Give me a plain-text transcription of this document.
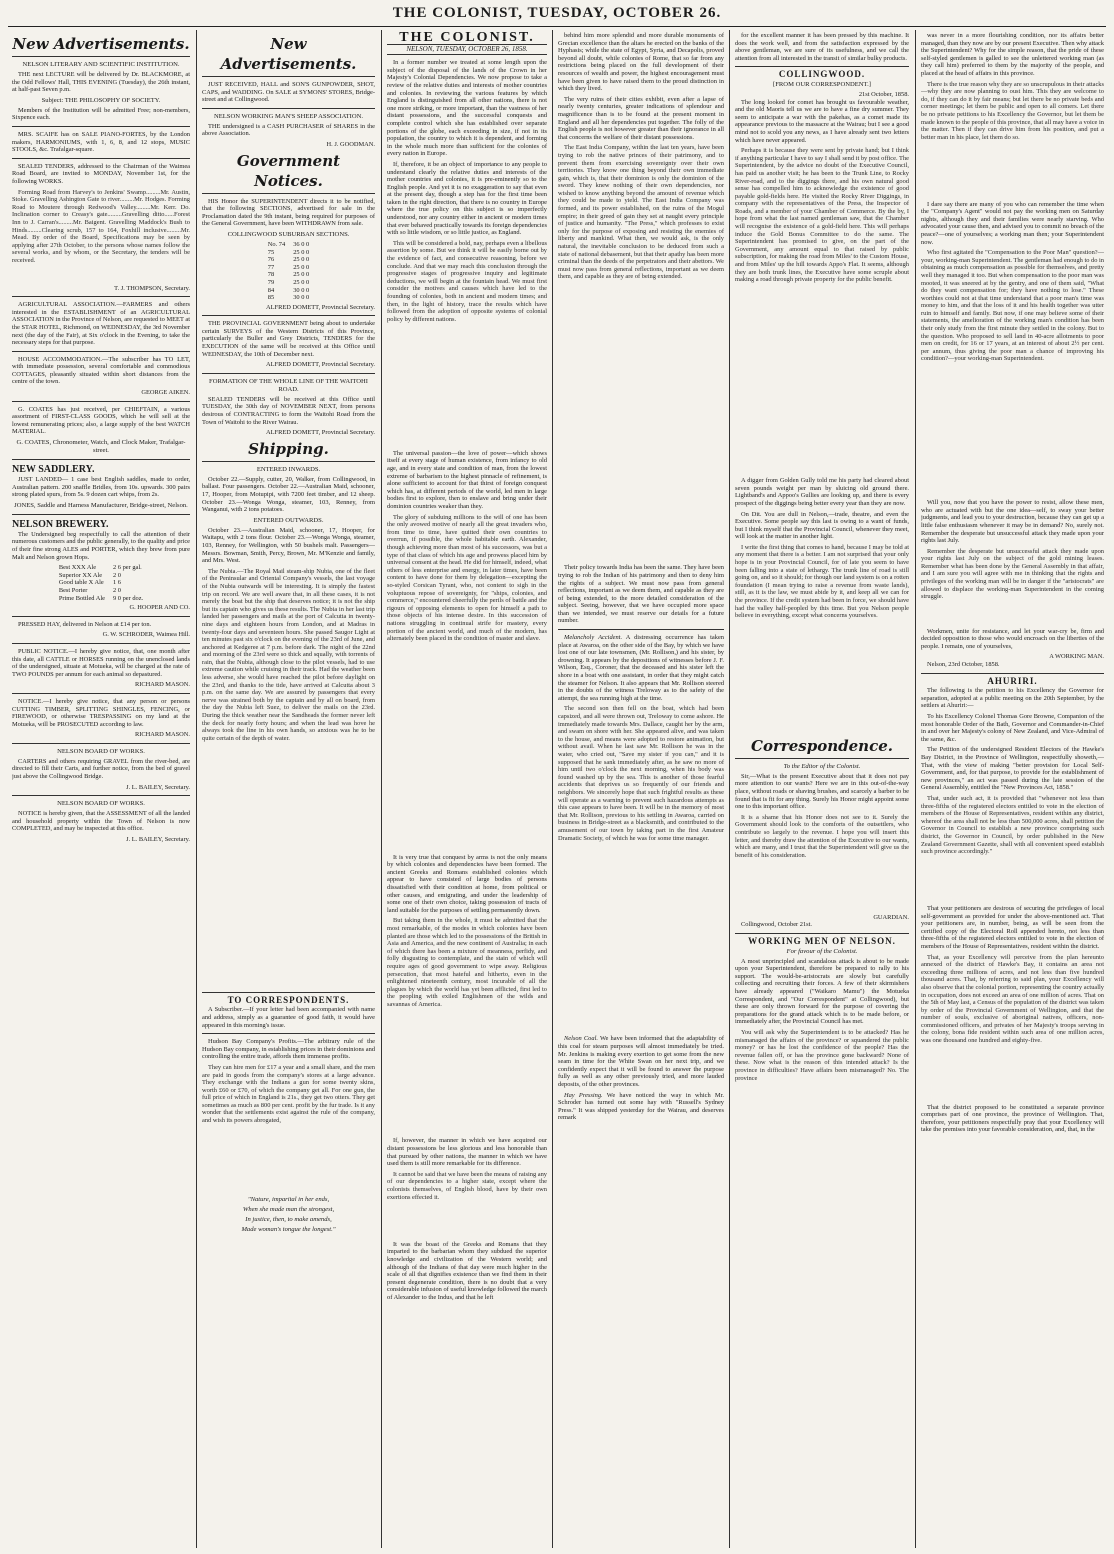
THE COLONIST, TUESDAY, OCTOBER 26.
New Advertisements.
NELSON LITERARY AND SCIENTIFIC INSTITUTION.

THE next LECTURE will be delivered by Dr. BLACKMORE, at the Odd Fellows' Hall, THIS EVENING (Tuesday), the 26th instant, at half-past Seven p.m.

Subject: THE PHILOSOPHY OF SOCIETY.

Members of the Institution will be admitted Free; non-members, Sixpence each.

MRS. SCAIFE has on SALE PIANO-FORTES, by the London makers, HARMONIUMS, with 1, 6, 8, and 12 stops, MUSIC STOOLS, &c. Trafalgar-square.

SEALED TENDERS, addressed to the Chairman of the Waimea Road Board, are invited to MONDAY, November 1st, for the following WORKS.

Forming Road from Harvey's to Jenkins' Swamp.........Mr. Austin, Stoke. Gravelling Ashington Gate to river.........Mr. Hodges. Forming Road to Moutere through Redwood's Valley.........Mr. Kerr. Do. Inclination corner to Creasy's gate.........Gravelling ditto......Forest Inn to J. Carran's.........Mr. Baigent. Gravelling Maddock's Bush to Hinds.........Clearing scrub, 157 to 164, Foxhill inclusive.........Mr. Mead. By order of the Board, Specifications may be seen by applying after 27th October, to the persons whose names follow the several works, and by whom, or the Secretary, the tenders will be received.

T. J. THOMPSON, Secretary.

AGRICULTURAL ASSOCIATION.—FARMERS and others interested in the ESTABLISHMENT of an AGRICULTURAL ASSOCIATION in the Province of Nelson, are requested to MEET at the STAR HOTEL, Richmond, on WEDNESDAY, the 3rd November next (the day of the Fair), at Six o'clock in the Evening, to take the necessary steps for that purpose.

HOUSE ACCOMMODATION.—The subscriber has TO LET, with immediate possession, several comfortable and commodious COTTAGES, pleasantly situated within short distances from the centre of the town.

GEORGE AIKEN.

G. COATES has just received, per CHIEFTAIN, a various assortment of FIRST-CLASS GOODS, which he will sell at the lowest remunerating prices; also, a large supply of the best WATCH MATERIAL.

G. COATES, Chronometer, Watch, and Clock Maker, Trafalgar-street.
NEW SADDLERY.

JUST LANDED— 1 case best English saddles, made to order, Australian pattern. 200 snaffle Bridles, from 10s. upwards. 300 pairs strong plated spurs, from 5s. 9 dozen cart whips, from 2s.

JONES, Saddle and Harness Manufacturer, Bridge-street, Nelson.
NELSON BREWERY.

The Undersigned beg respectfully to call the attention of their numerous customers and the public generally, to the quality and price of their fine strong ALES and PORTER, which they brew from pure Malt and Nelson grown Hops.

Best XXX Ale	2 6 per gal.
Superior XX Ale	2 0
Good table X Ale	1 6
Best Porter	2 0
Prime Bottled Ale	9 0 per doz.
G. HOOPER AND CO.

PRESSED HAY, delivered in Nelson at £14 per ton.

G. W. SCHRODER, Waimea Hill.

PUBLIC NOTICE.—I hereby give notice, that, one month after this date, all CATTLE or HORSES running on the unenclosed lands of the undersigned, situate at Motueka, will be charged at the rate of TWO POUNDS per annum for each animal so depastured.

RICHARD MASON.

NOTICE.—I hereby give notice, that any person or persons CUTTING TIMBER, SPLITTING SHINGLES, FENCING, or FIREWOOD, or otherwise TRESPASSING on my land at the Motueka, will be PROSECUTED according to law.

RICHARD MASON.
NELSON BOARD OF WORKS.

CARTERS and others requiring GRAVEL from the river-bed, are directed to fill their Carts, and further notice, from the bed of gravel just above the Collingwood Bridge.

J. L. BAILEY, Secretary.
NELSON BOARD OF WORKS.

NOTICE is hereby given, that the ASSESSMENT of all the landed and household property within the Town of Nelson is now COMPLETED, and may be inspected at this office.

J. L. BAILEY, Secretary.
New Advertisements.

JUST RECEIVED, HALL and SON'S GUNPOWDER, SHOT, CAPS, and WADDING. On SALE at SYMONS' STORES, Bridge-street and at Collingwood.

NELSON WORKING MAN'S SHEEP ASSOCIATION.

THE undersigned is a CASH PURCHASER of SHARES in the above Association.

H. J. GOODMAN.
Government Notices.

HIS Honor the SUPERINTENDENT directs it to be notified, that the following SECTIONS, advertised for sale in the Proclamation dated the 9th instant, being required for purposes of the General Government, have been WITHDRAWN from sale.

COLLINGWOOD SUBURBAN SECTIONS.
No. 74	36 0 0
75	25 0 0
76	25 0 0
77	25 0 0
78	25 0 0
79	25 0 0
84	30 0 0
85	30 0 0
ALFRED DOMETT, Provincial Secretary.

THE PROVINCIAL GOVERNMENT being about to undertake certain SURVEYS of the Western Districts of this Province, particularly the Buller and Grey Districts, TENDERS for the EXECUTION of the same will be received at this Office until WEDNESDAY, the 10th of December next.

ALFRED DOMETT, Provincial Secretary.
FORMATION OF THE WHOLE LINE OF THE WAITOHI ROAD.

SEALED TENDERS will be received at this Office until TUESDAY, the 30th day of NOVEMBER NEXT, from persons desirous of CONTRACTING to form the Waitohi Road from the Town of Waitohi to the River Wairau.

ALFRED DOMETT, Provincial Secretary.
Shipping.
ENTERED INWARDS.

October 22.—Supply, cutter, 20, Walker, from Collingwood, in ballast. Four passengers. October 22.—Australian Maid, schooner, 17, Hooper, from Motupipi, with 7200 feet timber, and 12 sheep. October 23.—Wonga Wonga, steamer, 103, Renney, from Wanganui, with 2 tons potatoes.

ENTERED OUTWARDS.

October 23.—Australian Maid, schooner, 17, Hooper, for Waitapu, with 2 tons flour. October 23.—Wonga Wonga, steamer, 103, Renney, for Wellington, with 50 bushels malt. Passengers—Messrs. Bowman, Smith, Percy, Brown, Mr. M'Kenzie and family, and Mrs. West.

The Nubia.—The Royal Mail steam-ship Nubia, one of the fleet of the Peninsular and Oriental Company's vessels, the last voyage of the Nubia outwards will be interesting. It is simply the fastest trip on record. We are well aware that, in all these cases, it is not merely the boat but the ship that deserves notice; it is not the ship but its captain who gives us these results. The Nubia in her last trip landed her passengers and mails at the port of Calcutta in twenty-nine days and eighteen hours from London, and at Madras in twenty-four days and seventeen hours. She passed Saugor Light at ten minutes past six o'clock on the evening of the 23rd of June, and anchored at Kedgeree at 7 p.m. before dark. The night of the 22nd and morning of the 23rd were so thick and squally, with torrents of rain, that the Nubia, although close to the pilot vessels, had to use extreme caution while cruising in their track. Had the weather been less adverse, she would have reached the pilot before daylight on the 23rd, and thanks to the tide, have arrived at Calcutta about 3 p.m. on the same day. We are assured by passengers that every nerve was strained both by the captain and by all on board, from the day the Nubia left Suez, to deliver the mails on the 23rd. During the thick weather near the Sandheads the former never left the deck for nearly forty hours; and when the lead was hove he always took the line in his own hands, so anxious was he to be quite certain of the depth of water.

TO CORRESPONDENTS.

A Subscriber.—If your letter had been accompanied with name and address, simply as a guarantee of good faith, it would have appeared in this morning's issue.

Hudson Bay Company's Profits.—The arbitrary rule of the Hudson Bay company, in establishing prices in their dominions and controlling the entire trade, affords them immense profits.

They can hire men for £17 a year and a small share, and the men are paid in goods from the company's stores at a large advance. They exchange with the Indians a gun for some twenty skins, worth £60 or £70, of which the company get all. For one gun, the full price of which in England is 21s., they get two otters. They get sometimes as much as 800 per cent. profit by the fur trade. Is it any wonder that the settlements exist against the rule of the company, and wish its powers abrogated,

"Nature, imparital in her ends,
When she made man the strongest,
In justice, then, to make amends,
Made woman's tongue the longest."
THE COLONIST.
NELSON, TUESDAY, OCTOBER 26, 1858.

In a former number we treated at some length upon the subject of the disposal of the lands of the Crown in her Majesty's Colonial Dependencies. We now propose to take a review of the relative duties and interests of mother countries and colonies. In reviewing the various features by which England is distinguished from all other nations, there is not one more striking, or more important, than the vastness of her distant possessions, and the successful conquests and complete control which she has established over separate portions of the globe, each exceeding in size, if not in its population, the country to which it is dependent, and forming in the whole much more than sufficient for the colonies of every nation in Europe.

If, therefore, it be an object of importance to any people to understand clearly the relative duties and interests of the mother countries and colonies, it is pre-eminently so to the English people. And yet it is no exaggeration to say that even at the present day, though a step has for the first time been taken in the right direction, that there is no country in Europe where the true policy on this subject is so imperfectly understood, nor any country either in ancient or modern times that ever behaved practically towards its foreign dependencies with so little wisdom, or so little justice, as England.

This will be considered a bold, nay, perhaps even a libellous assertion by some. But we think it will be easily borne out by the evidence of fact, and consecutive reasoning, before we conclude. And that we may reach this conclusion through the progressive stages of progressive inquiry and legitimate deductions, we will begin at the fountain head. We must first consider the motives and causes which have led to the founding of colonies, both in ancient and modern times; and then, in the light of history, trace the results which have followed from the adoption of opposite systems of colonial policy by different nations.

The universal passion—the love of power—which shows itself at every stage of human existence, from infancy to old age, and in every state and condition of man, from the lowest extreme of barbarism to the highest pinnacle of refinement, is alone sufficient to account for that thirst of foreign conquest which has, at different periods of the world, led men in large bodies first to explore, then to enslave and bring under their dominion countries weaker than they.

The glory of subduing millions to the will of one has been the only avowed motive of nearly all the great invaders who, from time to time, have quitted their own countries to overrun, if possible, the whole habitable earth. Alexander, though achieving more than most of his successors, was but a type of that class of which his age and prowess placed him by universal consent at the head. He did for himself, indeed, what others of less enterprise and energy, in later times, have been content to have done for them by delegation—excepting the so-styled Corsican Tyrant, who, not content to sigh in the voluptuous repose of sovereignty, for "ships, colonies, and commerce," encountered cheerfully the perils of battle and the rigours of opposing elements to open for himself a path to those objects of his intense desire. In this succession of nations struggling in continual strife for mastery, every portion of the ancient world, and much of the modern, has alternately been placed in the condition of master and slave.

It is very true that conquest by arms is not the only means by which colonies and dependencies have been formed. The ancient Greeks and Romans established colonies which appear to have consisted of large bodies of persons dissatisfied with their condition at home, from political or other causes, and emigrating, and under the leadership of some one of their own choice, taking possession of tracts of land suitable for the purposes of settling permanently down.

But taking them in the whole, it must be admitted that the most remarkable, of the modes in which colonies have been planted are those which led to the possessions of the British in Asia and America, and the new continent of Australia; in each of which there has been a mixture of meanness, perfidy, and folly disgusting to contemplate, and the stain of which will require ages of good government to wipe away. Religious persecution, that most hateful and hitherto, even in the enlightened nineteenth century, most incurable of all the plagues by which the world has yet been afflicted, first led to the peopling with exiled Englishmen of the wilds and savannas of America.

If, however, the manner in which we have acquired our distant possessions be less glorious and less honorable than that pursued by other nations, the manner in which we have used them is still more remarkable for its difference.

It cannot be said that we have been the means of raising any of our dependencies to a higher state, except where the colonists themselves, of English blood, have by their own exertions effected it.

It was the boast of the Greeks and Romans that they imparted to the barbarian whom they subdued the superior knowledge and civilization of the Western world; and although of the Indians of that day were much higher in the scale of all that dignifies existence than we find them in their present degenerate condition, there is no doubt that a very considerable infusion of useful knowledge followed the march of Alexander to the Indus, and that he left

behind him more splendid and more durable monuments of Grecian excellence than the altars he erected on the banks of the Hyphasis; while the state of Egypt, Syria, and Decapolis, proved beyond all doubt, while colonies of Rome, that so far from any restrictions being placed on the full development of their resources of wealth and power, the highest encouragement must have been given to have raised them to the proud distinction in which they lived.

The very ruins of their cities exhibit, even after a lapse of nearly twenty centuries, greater indications of splendour and magnificence than is to be found at the present moment in England and all her dependencies put together. The folly of the English people is not however greater than their ignorance in all that concerns the welfare of their distant possessions.

The East India Company, within the last ten years, have been trying to rob the native princes of their patrimony, and to prevent them from exercising sovereignty over their own territories. They know one thing beyond their own immediate gain, which is, that their dominion is only the dominion of the sword. They knew nothing of their own dependencies, nor wished to know anything beyond the amount of revenue which they could be made to yield. The East India Company was formed, and its power established, on the ruins of the Mogul empire; in their greed of gain they set at naught every principle of justice and humanity. "The Press," which professes to exist only for the purpose of exposing and resisting the enemies of liberty and mankind. What then, we would ask, is the only natural, the inevitable conclusion to be deduced from such a state of national debasement, but that their apathy has been more criminal than the deeds of the perpetrators and their abettors. We must now pass from general reflections, important as we deem them, and capable as they are of being extended.

Their policy towards India has been the same. They have been trying to rob the Indian of his patrimony and then to deny him the rights of a subject. We must now pass from general reflections, important as we deem them, and capable as they are of being extended, to the more detailed consideration of the subject. Seeing, however, that we have occupied more space than we intended, we must reserve our details for a future number.

Melancholy Accident. A distressing occurrence has taken place at Awaroa, on the other side of the Bay, by which we have lost one of our late townsmen, (Mr. Rollison,) and his sister, by drowning. It appears by the depositions of witnesses before J. F. Wilson, Esq., Coroner, that the deceased and his sister left the shore in a boat with one assistant, in order that they might catch the steamer for Nelson. It also appears that Mr. Rollison steered in the doubts of the witness Treloway as to the safety of the attempt, the sea running high at the time.

The second son then fell on the boat, which had been capsized, and all were thrown out, Treloway to come ashore. He immediately made towards Mrs. Dallace, caught her by the arm, and swam on shore with her. She appeared alive, and was taken to the house, and means were adopted to restore animation, but without avail. When he last saw Mr. Rollison he was in the water, who cried out, "Save my sister if you can," and it is supposed that he sank immediately after, as he saw no more of him until two o'clock the next morning, when his body was found washed up by the sea. This is another of those fearful accidents that deprives us so frequently of our friends and neighbors. We sincerely hope that such frightful results as these will operate as a warning to prevent such hazardous attempts as this case appears to have been. It will be in the memory of most that Mr. Rollison, previous to his settling in Awaroa, carried on business in Bridge-street as a blacksmith, and contributed to the amusement of our town by taking part in the first Amateur Dramatic Society, of which he was for some time manager.

Nelson Coal. We have been informed that the adaptability of this coal for steam purposes will almost immediately be tried. Mr. Jenkins is making every exertion to get some from the new seam in time for the White Swan on her next trip, and we confidently expect that it will be found to answer the purpose fully as well as any other previously tried, and more lauded deposits, of the other provinces.

Hay Pressing. We have noticed the way in which Mr. Schroder has turned out some hay with "Russell's Sydney Press." It was shipped yesterday for the Wairau, and deserves remark

for the excellent manner it has been pressed by this machine. It does the work well, and from the satisfaction expressed by the above gentleman, we are sure of its usefulness, and we call the attention from all interested in the transit of similar bulky products.

COLLINGWOOD.
[FROM OUR CORRESPONDENT.]
21st October, 1858.

The long looked for comet has brought us favourable weather, and the old Maoris tell us we are to have a fine dry summer. They seem to anticipate a war with the pakehas, as a comet made its appearance previous to the massacre at the Wairau; but I see a good mind not to scold you any news, as I have already sent two letters which have never appeared.

Perhaps it is because they were sent by private hand; but I think if anything particular I have to say I shall send it by post office. The Superintendent, by the advice no doubt of the Executive Council, has paid us another visit; he has been to the Trunk Line, to Rocky River-road, and to the diggings there, and his own natural good sense has compelled him to acknowledge the existence of good payable gold-fields here. He visited the Rocky River Diggings, in company with the representatives of the Press, the Inspector of Roads, and a member of your Chamber of Commerce. By the by, I hope from what the last named gentleman saw, that the Chamber will recognise the existence of a gold-field here. This will perhaps induce the Gold Bonus Committee to do the same. The Superintendent has promised to give, on the part of the Government, any amount equal to that raised by public subscription, for making the road from Miles' to the Custom House, and from Miles' up the hill towards Appo's Flat. It seems, although they are both trunk lines, the Executive have some scruple about making a road through private property for the public benefit.

A digger from Golden Gully told me his party had cleared about seven pounds weight per man by sluicing old ground there. Lightband's and Appoo's Gullies are looking up, and there is every prospect of the diggings being better every year than they are now.

On Dit. You are dull in Nelson,—trade, theatre, and even the Executive. Some people say this last is owing to a want of funds, but I think myself that the Provincial Council, whenever they meet, will look at the matter in another light.

I write the first thing that comes to hand, because I may be told at any moment that there is a better. I am not surprised that your only hope is in your Provincial Council, for of late you seem to have been falling into a state of lethargy. The trunk line of road is still going on, and so it should; for though our land system is on a rotten foundation (I mean trying to raise a revenue from waste lands), still, as it is the law, we must abide by it, and keep all we can for the province. If the credit system had been in force, we should have had the valley half-peopled by this time. But you Nelson people believe in everything, except what concerns yourselves.

Correspondence.
To the Editor of the Colonist.

Sir,—What is the present Executive about that it does not pay more attention to our wants? Here we are in this out-of-the-way place, without roads or shaving brushes, and scarcely a barber to be found that is fit for any thing. Surely his Honor might appoint some one to this important office.

It is a shame that his Honor does not see to it. Surely the Government should look to the comforts of the outsettlers, who contribute so largely to the revenue. I hope you will insert this letter, and thereby draw the attention of the Executive to our wants, which are many, and I trust that the Superintendent will give us the benefit of his consideration.

GUARDIAN.

Collingwood, October 21st.

WORKING MEN OF NELSON.
For favour of the Colonist.

A most unprincipled and scandalous attack is about to be made upon your Superintendent, therefore be prepared to rally to his support. The would-be-aristocrats are slowly but carefully collecting and recruiting their forces. A few of their skirmishers have already appeared ("Waikaro Mamu") the Motueka Correspondent, and "Our Correspondent" at Collingwood), but these are only thrown forward for the purpose of covering the preparations for the grand attack which is to be made before, or immediately after, the Provincial Council has met.

You will ask why the Superintendent is to be attacked? Has he mismanaged the affairs of the province? or squandered the public money? or has he lost the confidence of the people? Has the revenue fallen off, or has the province gone backward? None of these. Now what is the reason of this intended attack? Is the province in difficulties? Have affairs been mismanaged? No. The province

was never in a more flourishing condition, nor its affairs better managed, than they now are by our present Executive. Then why attack the Superintendent? Why for the simple reason, that the pride of these self-styled gentlemen is galled to see the unlettered working man (as they call him) preferred to them by the majority of the people, and placed at the head of affairs in this province.

There is the true reason why they are so unscrupulous in their attacks—why they are now planning to oust him. This they are welcome to do, if they can do it by fair means; but let there be no private beds and corner meetings; let them be public and open to all comers. Let there be no private petitions to his Excellency the Governor, but let them be made known to the people of this province, that all may have a voice in the matter. Then if they can drive him from his position, and put a better man in his place, let them do so.

I dare say there are many of you who can remember the time when the "Company's Agent" would not pay the working men on Saturday nights, although they and their families were nearly starving. Who advocated your cause then, and advised you to commit no breach of the peace?—one of yourselves; a working man then; your Superintendent now.

Who first agitated the "Compensation to the Poor Man" question?—your, working-man Superintendent. The gentleman had enough to do in obtaining as much compensation as possible for themselves, and pretty well they managed it too. But when compensation to the poor man was mooted, it was sneered at by the gentry, and one of them said, "What do they want compensation for; they have nothing to lose." These worthies could not at that time understand that a poor man's time was money to him, and that the loss of it and his health together was utter ruin to himself and family. But now, if one may believe some of their statements, the amelioration of the working man's condition has been their only study from the first minute they settled in the colony. But to the question. Who proposed to sell land in 40-acre allotments to poor men on credit, for 16 or 17 years, at an interest of about 2½ per cent. per annum, thus giving the poor man a chance of improving his condition?—your working-man Superintendent.

Will you, now that you have the power to resist, allow these men, who are actuated with but the one idea—self, to sway your better judgments, and lead you to your destruction, because they can get up a little false enthusiasm whenever it may be in demand? No, surely not. Remember the desperate but unsuccessful attack they made upon your rights last July.

Remember the desperate but unsuccessful attack they made upon your rights last July on the subject of the gold mining leases. Remember what has been done by the General Assembly in that affair, and I am sure you will agree with me in thinking that the rights and privileges of the working man will be in danger if the "aristocrats" are allowed to displace the working-man Superintendent in the coming struggle.

Workmen, unite for resistance, and let your war-cry be, firm and decided opposition to those who would encroach on the liberties of the people. I remain, one of yourselves,

A WORKING MAN.

Nelson, 23rd October, 1858.

AHURIRI.

The following is the petition to his Excellency the Governor for separation, adopted at a public meeting on the 20th September, by the settlers at Ahuriri:—

To his Excellency Colonel Thomas Gore Browne, Companion of the most honorable Order of the Bath, Governor and Commander-in-Chief in and over her Majesty's colony of New Zealand, and Vice-Admiral of the same, &c.

The Petition of the undersigned Resident Electors of the Hawke's Bay District, in the Province of Wellington, respectfully showeth,—That, with the view of making "better provision for Local Self-Government, and, for that purpose, to provide for the establishment of new provinces," an act was passed during the late session of the General Assembly, entitled the "New Provinces Act, 1858."

That, under such act, it is provided that "whenever not less than three-fifths of the registered electors entitled to vote in the election of members of the House of Representatives, resident within any district, whereof the area shall not be less than 500,000 acres, shall petition the Governor in Council to establish a new province comprising such district, the Governor in Council, by order published in the New Zealand Government Gazette, shall with all convenient speed establish such province accordingly."

That your petitioners are desirous of securing the privileges of local self-government as provided for under the above-mentioned act. That your petitioners are, in number, being, as will be seen from the certified copy of the Electoral Roll appended hereto, not less than three-fifths of the registered electors entitled to vote in the election of members of the House of Representatives, resident within the district.

That, as your Excellency will perceive from the plan hereunto annexed of the district of Hawke's Bay, it contains an area not exceeding three millions of acres, and not less than five hundred thousand acres. That, by referring to said plan, your Excellency will also observe that the colonial portion, representing the country actually in occupation, does not exceed an area of one million of acres. That on the 5th of May last, a Census of the population of the district was taken by order of the Provincial Government of Wellington, and that the number of souls, exclusive of aboriginal natives, officers, non-commissioned officers, and privates of her Majesty's troops serving in the colony, bona fide resident within such area of one million acres, was one thousand one hundred and eighty-five.

That the district proposed to be constituted a separate province comprises part of one province, the province of Wellington. That, therefore, your petitioners respectfully pray that your Excellency will take the premises into your favorable consideration, and, that, in the
